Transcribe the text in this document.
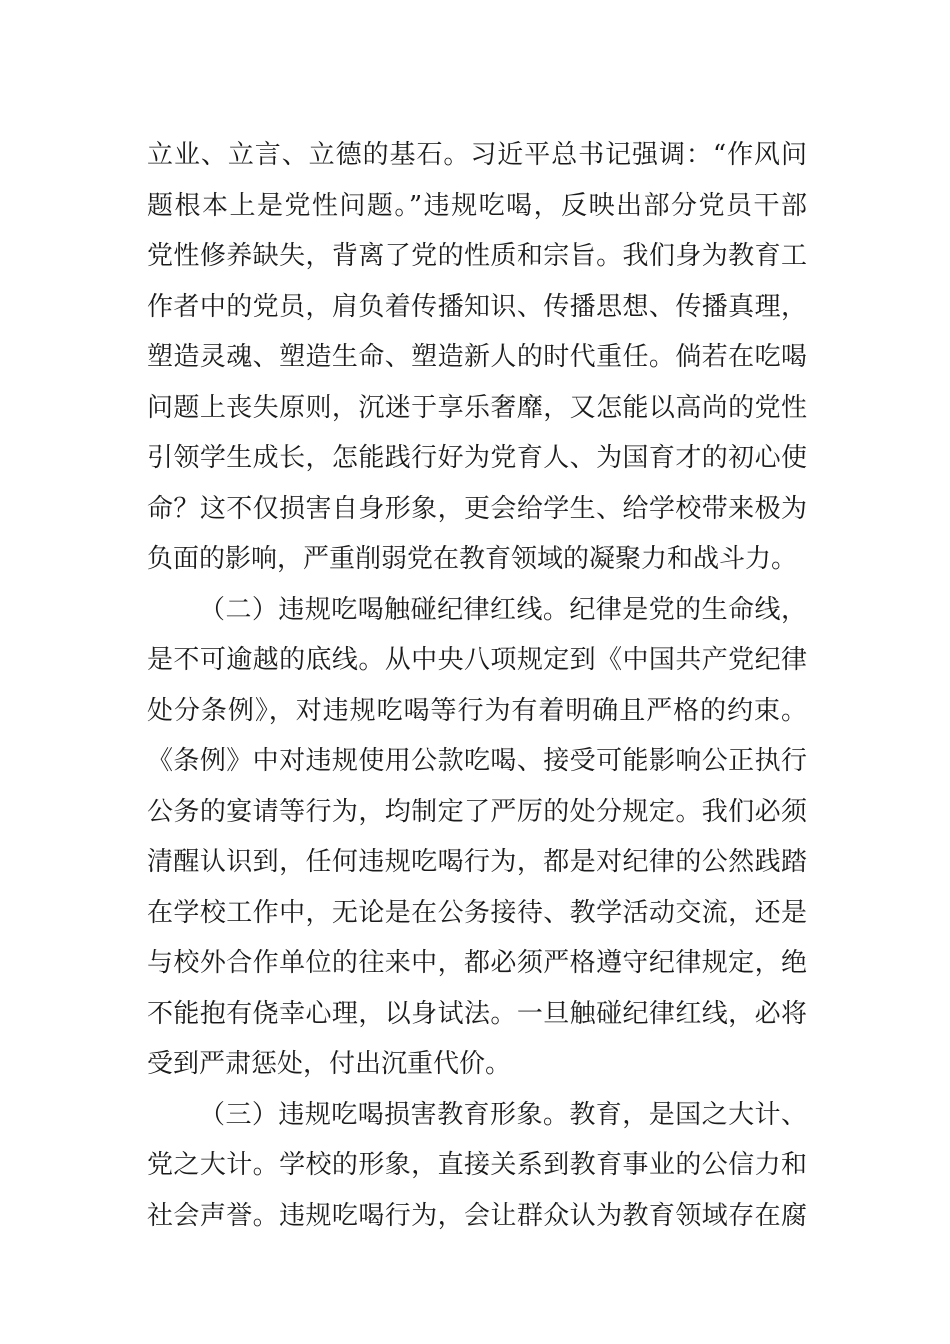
立业、立言、立德的基石。习近平总书记强调：“作风问
题根本上是党性问题。”违规吃喝，反映出部分党员干部
党性修养缺失，背离了党的性质和宗旨。我们身为教育工
作者中的党员，肩负着传播知识、传播思想、传播真理，
塑造灵魂、塑造生命、塑造新人的时代重任。倘若在吃喝
问题上丧失原则，沉迷于享乐奢靡，又怎能以高尚的党性
引领学生成长，怎能践行好为党育人、为国育才的初心使
命？这不仅损害自身形象，更会给学生、给学校带来极为
负面的影响，严重削弱党在教育领域的凝聚力和战斗力。
（二）违规吃喝触碰纪律红线。纪律是党的生命线，
是不可逾越的底线。从中央八项规定到《中国共产党纪律
处分条例》，对违规吃喝等行为有着明确且严格的约束。
《条例》中对违规使用公款吃喝、接受可能影响公正执行
公务的宴请等行为，均制定了严厉的处分规定。我们必须
清醒认识到，任何违规吃喝行为，都是对纪律的公然践踏
在学校工作中，无论是在公务接待、教学活动交流，还是
与校外合作单位的往来中，都必须严格遵守纪律规定，绝
不能抱有侥幸心理，以身试法。一旦触碰纪律红线，必将
受到严肃惩处，付出沉重代价。
（三）违规吃喝损害教育形象。教育，是国之大计、
党之大计。学校的形象，直接关系到教育事业的公信力和
社会声誉。违规吃喝行为，会让群众认为教育领域存在腐
